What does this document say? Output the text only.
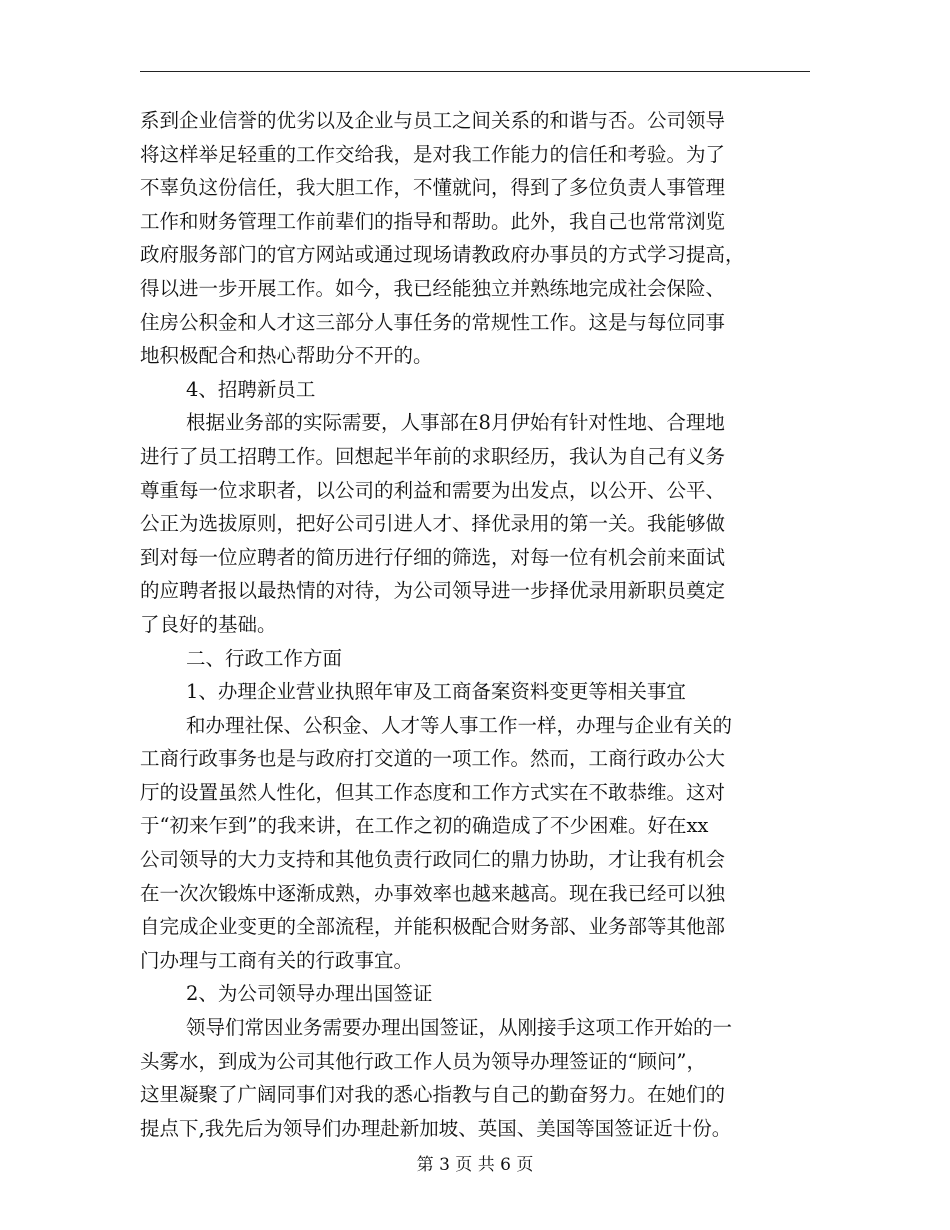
系到企业信誉的优劣以及企业与员工之间关系的和谐与否。公司领导
将这样举足轻重的工作交给我，是对我工作能力的信任和考验。为了
不辜负这份信任，我大胆工作，不懂就问，得到了多位负责人事管理
工作和财务管理工作前辈们的指导和帮助。此外，我自己也常常浏览
政府服务部门的官方网站或通过现场请教政府办事员的方式学习提高，
得以进一步开展工作。如今，我已经能独立并熟练地完成社会保险、
住房公积金和人才这三部分人事任务的常规性工作。这是与每位同事
地积极配合和热心帮助分不开的。
4、招聘新员工
根据业务部的实际需要，人事部在8月伊始有针对性地、合理地
进行了员工招聘工作。回想起半年前的求职经历，我认为自己有义务
尊重每一位求职者，以公司的利益和需要为出发点，以公开、公平、
公正为选拔原则，把好公司引进人才、择优录用的第一关。我能够做
到对每一位应聘者的简历进行仔细的筛选，对每一位有机会前来面试
的应聘者报以最热情的对待，为公司领导进一步择优录用新职员奠定
了良好的基础。
二、行政工作方面
1、办理企业营业执照年审及工商备案资料变更等相关事宜
和办理社保、公积金、人才等人事工作一样，办理与企业有关的
工商行政事务也是与政府打交道的一项工作。然而，工商行政办公大
厅的设置虽然人性化，但其工作态度和工作方式实在不敢恭维。这对
于“初来乍到”的我来讲，在工作之初的确造成了不少困难。好在xx
公司领导的大力支持和其他负责行政同仁的鼎力协助，才让我有机会
在一次次锻炼中逐渐成熟，办事效率也越来越高。现在我已经可以独
自完成企业变更的全部流程，并能积极配合财务部、业务部等其他部
门办理与工商有关的行政事宜。
2、为公司领导办理出国签证
领导们常因业务需要办理出国签证，从刚接手这项工作开始的一
头雾水，到成为公司其他行政工作人员为领导办理签证的“顾问”，
这里凝聚了广阔同事们对我的悉心指教与自己的勤奋努力。在她们的
提点下,我先后为领导们办理赴新加坡、英国、美国等国签证近十份。
第 3 页 共 6 页
